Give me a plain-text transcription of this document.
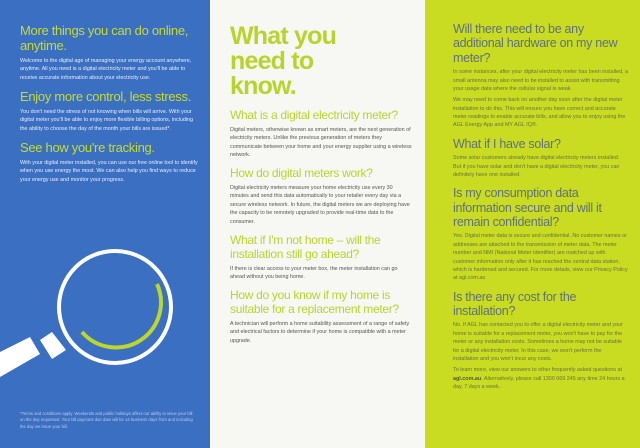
More things you can do online, anytime.

Welcome to the digital age of managing your energy account anywhere, anytime. All you need is a digital electricity meter and you'll be able to receive accurate information about your electricity use.

Enjoy more control, less stress.

You don't need the stress of not knowing when bills will arrive. With your digital meter you'll be able to enjoy more flexible billing options, including the ability to choose the day of the month your bills are issued*.

See how you're tracking.

With your digital meter installed, you can use our free online tool to identify when you use energy the most. We can also help you find ways to reduce your energy use and monitor your progress.

*Terms and conditions apply. Weekends and public holidays affect our ability to issue your bill on the day requested. Your bill payment due date will be 14 business days from and including the day we issue your bill.

What you need to know.
What is a digital electricity meter?

Digital meters, otherwise known as smart meters, are the next generation of electricity meters. Unlike the previous generation of meters they communicate between your home and your energy supplier using a wireless network.

How do digital meters work?

Digital electricity meters measure your home electricity use every 30 minutes and send this data automatically to your retailer every day via a secure wireless network. In future, the digital meters we are deploying have the capacity to be remotely upgraded to provide real-time data to the consumer.

What if I'm not home – will the installation still go ahead?

If there is clear access to your meter box, the meter installation can go ahead without you being home.

How do you know if my home is suitable for a replacement meter?

A technician will perform a home suitability assessment of a range of safety and electrical factors to determine if your home is compatible with a meter upgrade.

Will there need to be any additional hardware on my new meter?

In some instances, after your digital electricity meter has been installed, a small antenna may also need to be installed to assist with transmitting your usage data where the cellular signal is weak.

We may need to come back on another day soon after the digital meter installation to do this. This will ensure you have correct and accurate meter readings to enable accurate bills, and allow you to enjoy using the AGL Energy App and MY AGL IQ®.

What if I have solar?

Some solar customers already have digital electricity meters installed. But if you have solar and don't have a digital electricity meter, you can definitely have one installed.

Is my consumption data information secure and will it remain confidential?

Yes. Digital meter data is secure and confidential. No customer names or addresses are attached to the transmission of meter data. The meter number and NMI (National Meter Identifier) are matched up with customer information only after it has reached the central data station, which is hardened and secured. For more details, view our Privacy Policy at agl.com.au

Is there any cost for the installation?

No. If AGL has contacted you to offer a digital electricity meter and your home is suitable for a replacement meter, you won't have to pay for the meter or any installation costs. Sometimes a home may not be suitable for a digital electricity meter. In this case, we won't perform the installation and you won't incur any costs.

To learn more, view our answers to other frequently asked questions at agl.com.au. Alternatively, please call 1300 669 245 any time 24 hours a day, 7 days a week.
